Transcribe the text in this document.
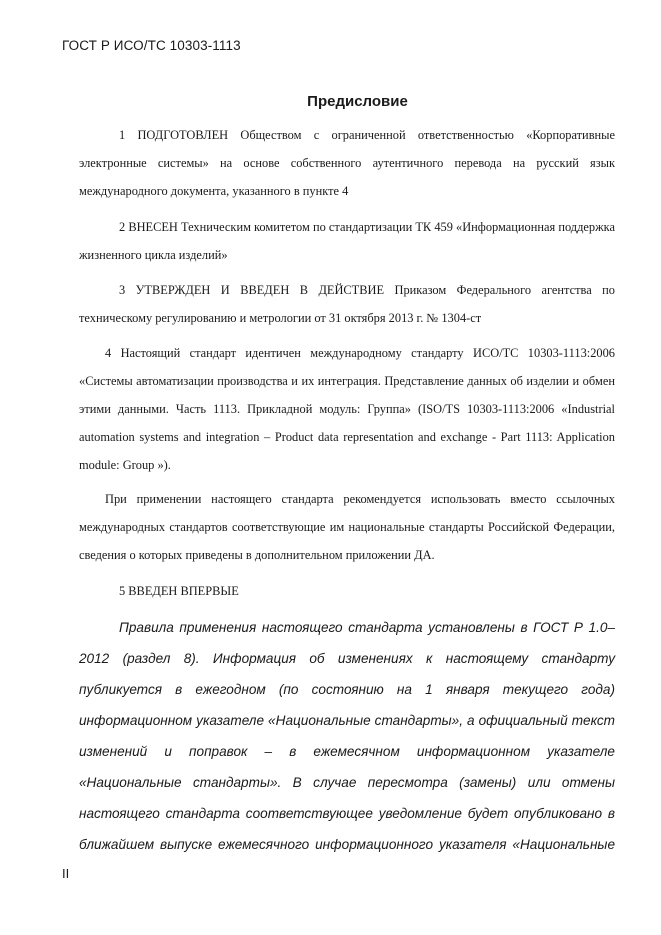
ГОСТ Р ИСО/ТС 10303-1113
Предисловие
1 ПОДГОТОВЛЕН Обществом с ограниченной ответственностью «Корпоративные
электронные системы» на основе собственного аутентичного перевода на русский язык
международного документа, указанного в пункте 4
2 ВНЕСЕН Техническим комитетом по стандартизации ТК 459 «Информационная поддержка
жизненного цикла изделий»
3 УТВЕРЖДЕН И ВВЕДЕН В ДЕЙСТВИЕ Приказом Федерального агентства по
техническому регулированию и метрологии от 31 октября 2013 г. № 1304-ст
4 Настоящий стандарт идентичен международному стандарту ИСО/ТС 10303-1113:2006
«Системы автоматизации производства и их интеграция. Представление данных об изделии и обмен
этими данными. Часть 1113. Прикладной модуль: Группа» (ISO/TS 10303-1113:2006 «Industrial
automation systems and integration – Product data representation and exchange - Part 1113: Application
module: Group »).
При применении настоящего стандарта рекомендуется использовать вместо ссылочных
международных стандартов соответствующие им национальные стандарты Российской Федерации,
сведения о которых приведены в дополнительном приложении ДА.
5 ВВЕДЕН ВПЕРВЫЕ
Правила применения настоящего стандарта установлены в ГОСТ Р 1.0–
2012 (раздел 8). Информация об изменениях к настоящему стандарту
публикуется в ежегодном (по состоянию на 1 января текущего года)
информационном указателе «Национальные стандарты», а официальный текст
изменений и поправок – в ежемесячном информационном указателе
«Национальные стандарты». В случае пересмотра (замены) или отмены
настоящего стандарта соответствующее уведомление будет опубликовано в
ближайшем выпуске ежемесячного информационного указателя «Национальные
II
